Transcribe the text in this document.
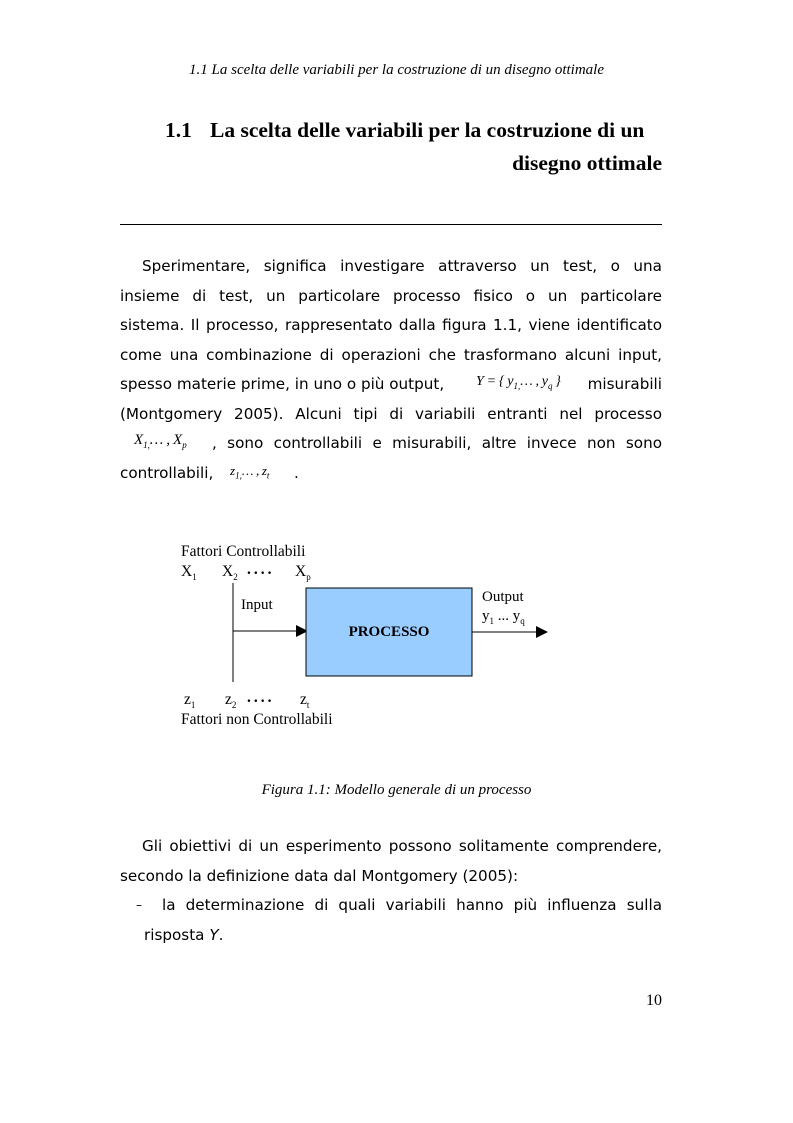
1.1 La scelta delle variabili per la costruzione di un disegno ottimale
1.1 La scelta delle variabili per la costruzione di un
disegno ottimale
Sperimentare, significa investigare attraverso un test, o una
insieme di test, un particolare processo fisico o un particolare
sistema. Il processo, rappresentato dalla figura 1.1, viene identificato
come una combinazione di operazioni che trasformano alcuni input,
spesso materie prime, in uno o più output, Y = { $y_{1,}\dots$ , $y_q$ } misurabili
(Montgomery 2005). Alcuni tipi di variabili entranti nel processo
$X_{1,}\dots$ , $X_p$ , sono controllabili e misurabili, altre invece non sono
controllabili, $z_{1,}\dots$ , $z_t$ .
Fattori Controllabili
$X_1$ $X_2$ .... $X_p$
Input
PROCESSO
Output
$y_1$ ... $y_q$
$z_1$ $z_2$ .... $z_t$
Fattori non Controllabili
Figura 1.1: Modello generale di un processo
Gli obiettivi di un esperimento possono solitamente comprendere,
secondo la definizione data dal Montgomery (2005):
– la determinazione di quali variabili hanno più influenza sulla
risposta Y.
10
